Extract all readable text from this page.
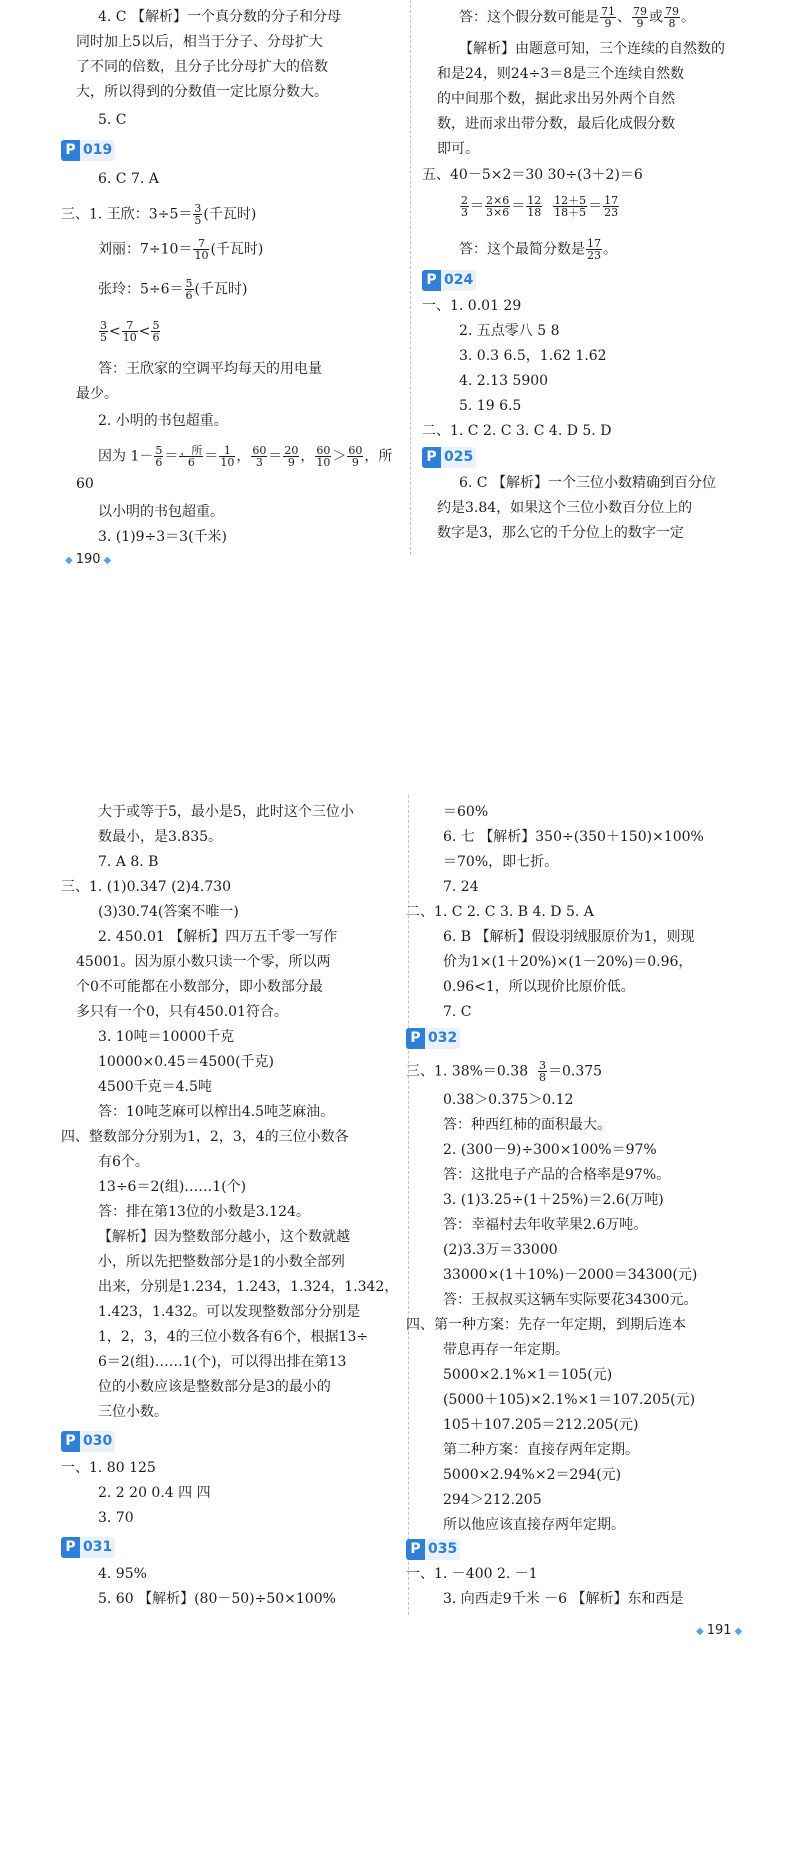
4. C 【解析】一个真分数的分子和分母
同时加上5以后，相当于分子、分母扩大
了不同的倍数，且分子比分母扩大的倍数
大，所以得到的分数值一定比原分数大。
5. C
P 019
6. C 7. A
三、1. 王欣：$3\div 5= \frac{3}{5}$ (千瓦时)
刘丽：$7\div 10= \frac{7}{10}$ (千瓦时)
张玲：$5\div 6= \frac{5}{6}$ (千瓦时)
$\frac{3}{5} < \frac{7}{10} < \frac{5}{6}$
答：王欣家的空调平均每天的用电量
最少。
2. 小明的书包超重。
因为 $1- \frac{5}{6} = \frac{\text{，所}}{6} = \frac{1}{10}$ ， $\frac{60}{3} = \frac{20}{9}$ ， $\frac{60}{10} > \frac{60}{9}$ ，所
60
以小明的书包超重。
3. (1)9÷3＝3(千米)
答：这个假分数可能是 $\frac{71}{9}$ 、 $\frac{79}{9}$ 或 $\frac{79}{8}$ 。
【解析】由题意可知，三个连续的自然数的
和是24，则24÷3＝8是三个连续自然数
的中间那个数，据此求出另外两个自然
数，进而求出带分数，最后化成假分数
即可。
五、40－5×2＝30 30÷(3＋2)＝6
$\frac{2}{3} = \frac{2\times 6}{3\times 6} = \frac{12}{18}$
$\frac{12+5}{18+5} = \frac{17}{23}$
答：这个最简分数是 $\frac{17}{23}$ 。
P 024
一、1. 0.01 29
2. 五点零八 5 8
3. 0.3 6.5，1.62 1.6̇2̇
4. 2.13 5900
5. 19 6.5
二、1. C 2. C 3. C 4. D 5. D
P 025
6. C 【解析】一个三位小数精确到百分位
约是3.84，如果这个三位小数百分位上的
数字是3，那么它的千分位上的数字一定
◆ 190 ◆
大于或等于5，最小是5，此时这个三位小
数最小，是3.835。
7. A 8. B
三、1. (1)0.347 (2)4.730
(3)30.74(答案不唯一)
2. 450.01 【解析】四万五千零一写作
45001。因为原小数只读一个零，所以两
个0不可能都在小数部分，即小数部分最
多只有一个0，只有450.01符合。
3. 10吨＝10000千克
10000×0.45＝4500(千克)
4500千克＝4.5吨
答：10吨芝麻可以榨出4.5吨芝麻油。
四、整数部分分别为1，2，3，4的三位小数各
有6个。
13÷6＝2(组)……1(个)
答：排在第13位的小数是3.124。
【解析】因为整数部分越小，这个数就越
小，所以先把整数部分是1的小数全部列
出来，分别是1.234，1.243，1.324，1.342，
1.423，1.432。可以发现整数部分分别是
1，2，3，4的三位小数各有6个，根据13÷
6＝2(组)……1(个)，可以得出排在第13
位的小数应该是整数部分是3的最小的
三位小数。
P 030
一、1. 80 125
2. 2 20 0.4 四 四
3. 70
P 031
4. 95%
5. 60 【解析】(80－50)÷50×100%
＝60%
6. 七 【解析】350÷(350＋150)×100%
＝70%，即七折。
7. 24
二、1. C 2. C 3. B 4. D 5. A
6. B 【解析】假设羽绒服原价为1，则现
价为1×(1＋20%)×(1－20%)＝0.96，
0.96<1，所以现价比原价低。
7. C
P 032
三、1. $38\%=0.38 \frac{3}{8} =0.375$
0.38＞0.375＞0.12
答：种西红柿的面积最大。
2. (300－9)÷300×100%＝97%
答：这批电子产品的合格率是97%。
3. (1)3.25÷(1＋25%)＝2.6(万吨)
答：幸福村去年收苹果2.6万吨。
(2)3.3万＝33000
33000×(1＋10%)－2000＝34300(元)
答：王叔叔买这辆车实际要花34300元。
四、第一种方案：先存一年定期，到期后连本
带息再存一年定期。
5000×2.1%×1＝105(元)
(5000＋105)×2.1%×1＝107.205(元)
105＋107.205＝212.205(元)
第二种方案：直接存两年定期。
5000×2.94%×2＝294(元)
294＞212.205
所以他应该直接存两年定期。
P 035
一、1. －400 2. －1
3. 向西走9千米 －6 【解析】东和西是
◆ 191 ◆
